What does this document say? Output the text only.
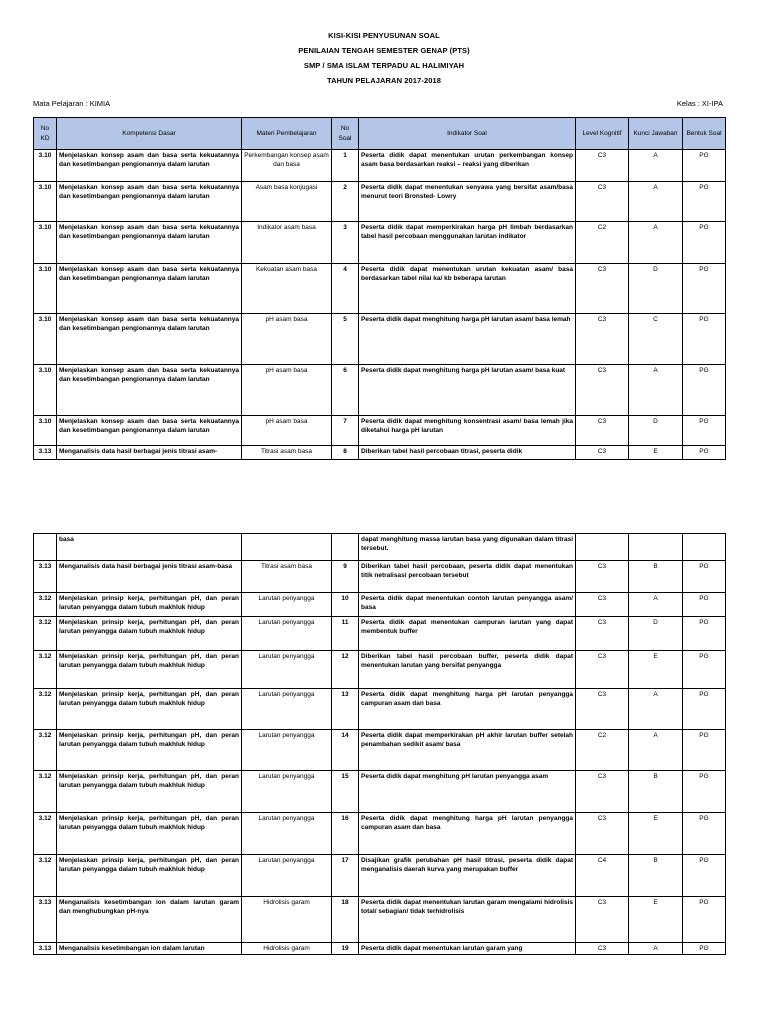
KISI-KISI PENYUSUNAN SOAL
PENILAIAN TENGAH SEMESTER GENAP (PTS)
SMP / SMA ISLAM TERPADU AL HALIMIYAH
TAHUN PELAJARAN 2017-2018
Mata Pelajaran : KIMIA	Kelas : XI-IPA
No KD	Kompetensi Dasar	Materi Pembelajaran	No Soal	Indikator Soal	Level Kognitif	Kunci Jawaban	Bentuk Soal
3.10	Menjelaskan konsep asam dan basa serta kekuatannya dan kesetimbangan pengionannya dalam larutan	Perkembangan konsep asam dan basa	1	Peserta didik dapat menentukan urutan perkembangan konsep asam basa berdasarkan reaksi – reaksi yang diberikan	C3	A	PG
3.10	Menjelaskan konsep asam dan basa serta kekuatannya dan kesetimbangan pengionannya dalam larutan	Asam basa konjugasi	2	Peserta didik dapat menentukan senyawa yang bersifat asam/basa menurut teori Bronsted- Lowry	C3	A	PG
3.10	Menjelaskan konsep asam dan basa serta kekuatannya dan kesetimbangan pengionannya dalam larutan	Indikator asam basa	3	Peserta didik dapat memperkirakan harga pH limbah berdasarkan tabel hasil percobaan menggunakan larutan indikator	C2	A	PG
3.10	Menjelaskan konsep asam dan basa serta kekuatannya dan kesetimbangan pengionannya dalam larutan	Kekuatan asam basa	4	Peserta didik dapat menentukan urutan kekuatan asam/ basa berdasarkan tabel nilai ka/ kb beberapa larutan	C3	D	PG
3.10	Menjelaskan konsep asam dan basa serta kekuatannya dan kesetimbangan pengionannya dalam larutan	pH asam basa	5	Peserta didik dapat menghitung harga pH larutan asam/ basa lemah	C3	C	PG
3.10	Menjelaskan konsep asam dan basa serta kekuatannya dan kesetimbangan pengionannya dalam larutan	pH asam basa	6	Peserta didik dapat menghitung harga pH larutan asam/ basa kuat	C3	A	PG
3.10	Menjelaskan konsep asam dan basa serta kekuatannya dan kesetimbangan pengionannya dalam larutan	pH asam basa	7	Peserta didik dapat menghitung konsentrasi asam/ basa lemah jika diketahui harga pH larutan	C3	D	PG
3.13	Menganalisis data hasil berbagai jenis titrasi asam-	Titrasi asam basa	8	Diberikan tabel hasil percobaan titrasi, peserta didik	C3	E	PG
	basa			dapat menghitung massa larutan basa yang digunakan dalam titrasi tersebut.			
3.13	Menganalisis data hasil berbagai jenis titrasi asam-basa	Titrasi asam basa	9	Diberikan tabel hasil percobaan, peserta didik dapat menentukan titik netralisasi percobaan tersebut	C3	B	PG
3.12	Menjelaskan prinsip kerja, perhitungan pH, dan peran larutan penyangga dalam tubuh makhluk hidup	Larutan penyangga	10	Peserta didik dapat menentukan contoh larutan penyangga asam/ basa	C3	A	PG
3.12	Menjelaskan prinsip kerja, perhitungan pH, dan peran larutan penyangga dalam tubuh makhluk hidup	Larutan penyangga	11	Peserta didik dapat menentukan campuran larutan yang dapat membentuk buffer	C3	D	PG
3.12	Menjelaskan prinsip kerja, perhitungan pH, dan peran larutan penyangga dalam tubuh makhluk hidup	Larutan penyangga	12	Diberikan tabel hasil percobaan buffer, peserta didik dapat menentukan larutan yang bersifat penyangga	C3	E	PG
3.12	Menjelaskan prinsip kerja, perhitungan pH, dan peran larutan penyangga dalam tubuh makhluk hidup	Larutan penyangga	13	Peserta didik dapat menghitung harga pH larutan penyangga campuran asam dan basa	C3	A	PG
3.12	Menjelaskan prinsip kerja, perhitungan pH, dan peran larutan penyangga dalam tubuh makhluk hidup	Larutan penyangga	14	Peserta didik dapat memperkirakan pH akhir larutan buffer setelah penambahan sedikit asam/ basa	C2	A	PG
3.12	Menjelaskan prinsip kerja, perhitungan pH, dan peran larutan penyangga dalam tubuh makhluk hidup	Larutan penyangga	15	Peserta didik dapat menghitung pH larutan penyangga asam	C3	B	PG
3.12	Menjelaskan prinsip kerja, perhitungan pH, dan peran larutan penyangga dalam tubuh makhluk hidup	Larutan penyangga	16	Peserta didik dapat menghitung harga pH larutan penyangga campuran asam dan basa	C3	E	PG
3.12	Menjelaskan prinsip kerja, perhitungan pH, dan peran larutan penyangga dalam tubuh makhluk hidup	Larutan penyangga	17	Disajikan grafik perubahan pH hasil titrasi, peserta didik dapat menganalisis daerah kurva yang merupakan buffer	C4	B	PG
3.13	Menganalisis kesetimbangan ion dalam larutan garam dan menghubungkan pH-nya	Hidrolisis garam	18	Peserta didik dapat menentukan larutan garam mengalami hidrolisis total/ sebagian/ tidak terhidrolisis	C3	E	PG
3.13	Menganalisis kesetimbangan ion dalam larutan	Hidrolisis garam	19	Peserta didik dapat menentukan larutan garam yang	C3	A	PG
